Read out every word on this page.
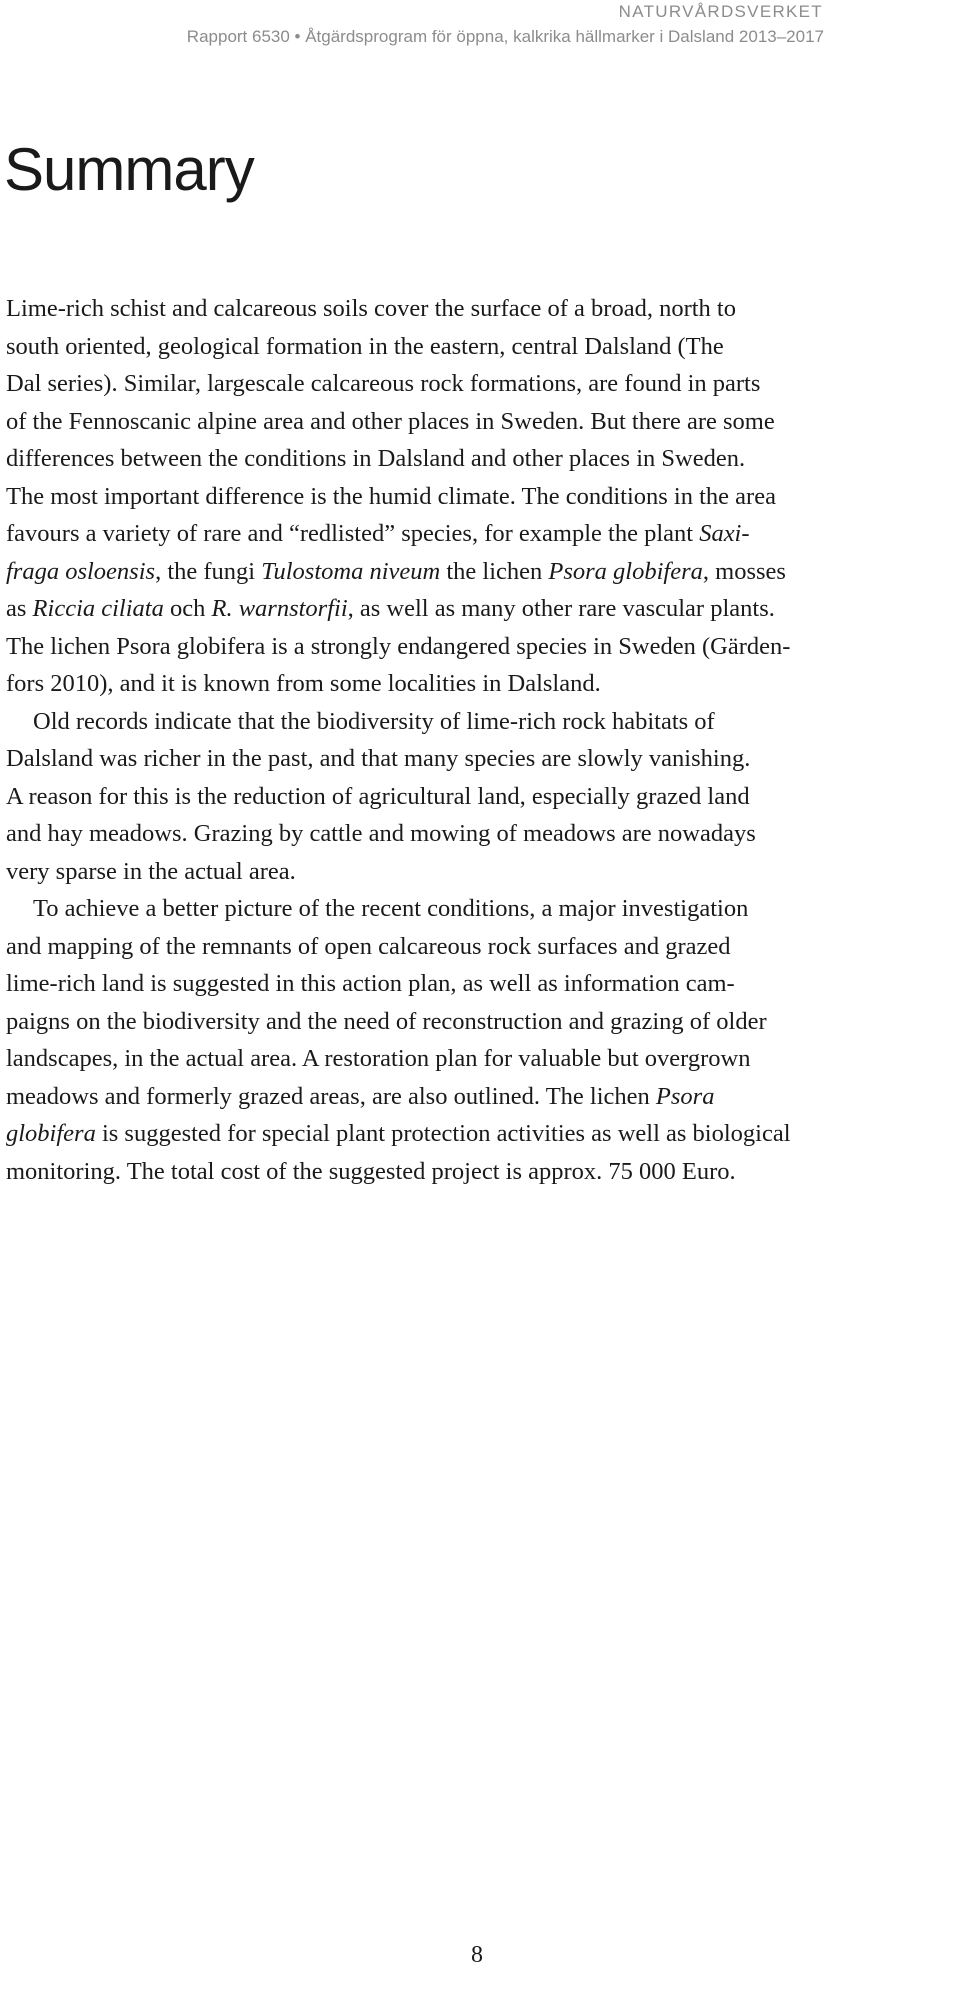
NATURVÅRDSVERKET
Rapport 6530 • Åtgärdsprogram för öppna, kalkrika hällmarker i Dalsland 2013–2017
Summary

Lime-rich schist and calcareous soils cover the surface of a broad, north to
south oriented, geological formation in the eastern, central Dalsland (The
Dal series). Similar, largescale calcareous rock formations, are found in parts
of the Fennoscanic alpine area and other places in Sweden. But there are some
differences between the conditions in Dalsland and other places in Sweden.
The most important difference is the humid climate. The conditions in the area
favours a variety of rare and “redlisted” species, for example the plant Saxi-
fraga osloensis, the fungi Tulostoma niveum the lichen Psora globifera, mosses
as Riccia ciliata och R. warnstorfii, as well as many other rare vascular plants.
The lichen Psora globifera is a strongly endangered species in Sweden (Gärden-
fors 2010), and it is known from some localities in Dalsland.

Old records indicate that the biodiversity of lime-rich rock habitats of
Dalsland was richer in the past, and that many species are slowly vanishing.
A reason for this is the reduction of agricultural land, especially grazed land
and hay meadows. Grazing by cattle and mowing of meadows are nowadays
very sparse in the actual area.

To achieve a better picture of the recent conditions, a major investigation
and mapping of the remnants of open calcareous rock surfaces and grazed
lime-rich land is suggested in this action plan, as well as information cam-
paigns on the biodiversity and the need of reconstruction and grazing of older
landscapes, in the actual area. A restoration plan for valuable but overgrown
meadows and formerly grazed areas, are also outlined. The lichen Psora
globifera is suggested for special plant protection activities as well as biological
monitoring. The total cost of the suggested project is approx. 75 000 Euro.

8
